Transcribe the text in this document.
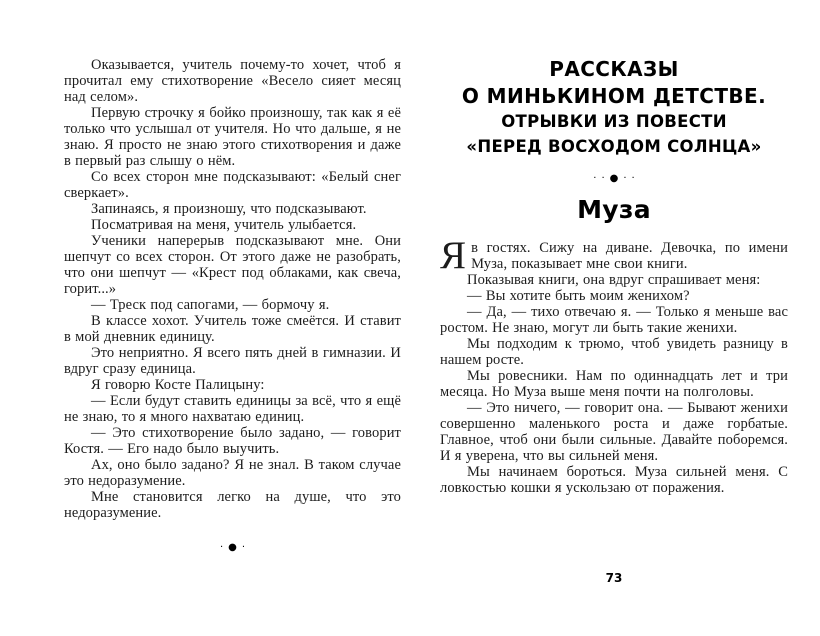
Оказывается, учитель почему-то хочет, чтоб я прочитал ему стихотворение «Весело сияет месяц над селом».

Первую строчку я бойко произношу, так как я её только что услышал от учителя. Но что дальше, я не знаю. Я просто не знаю этого стихотворения и даже в первый раз слышу о нём.

Со всех сторон мне подсказывают: «Белый снег сверкает».

Запинаясь, я произношу, что подсказывают.

Посматривая на меня, учитель улыбается.

Ученики наперерыв подсказывают мне. Они шепчут со всех сторон. От этого даже не разобрать, что они шепчут — «Крест под облаками, как свеча, горит...»

— Треск под сапогами, — бормочу я.

В классе хохот. Учитель тоже смеётся. И ставит в мой дневник единицу.

Это неприятно. Я всего пять дней в гимназии. И вдруг сразу единица.

Я говорю Косте Палицыну:

— Если будут ставить единицы за всё, что я ещё не знаю, то я много нахватаю единиц.

— Это стихотворение было задано, — говорит Костя. — Его надо было выучить.

Ах, оно было задано? Я не знал. В таком случае это недоразумение.

Мне становится легко на душе, что это недоразумение.

·●·
РАССКАЗЫ
О МИНЬКИНОМ ДЕТСТВЕ.
ОТРЫВКИ ИЗ ПОВЕСТИ
«ПЕРЕД ВОСХОДОМ СОЛНЦА»
··●··
Муза

Яв гостях. Сижу на диване. Девочка, по имени Муза, показывает мне свои книги.

Показывая книги, она вдруг спрашивает меня:

— Вы хотите быть моим женихом?

— Да, — тихо отвечаю я. — Только я меньше вас ростом. Не знаю, могут ли быть такие женихи.

Мы подходим к трюмо, чтоб увидеть разницу в нашем росте.

Мы ровесники. Нам по одиннадцать лет и три месяца. Но Муза выше меня почти на полголовы.

— Это ничего, — говорит она. — Бывают женихи совершенно маленького роста и даже горбатые. Главное, чтоб они были сильные. Давайте поборемся. И я уверена, что вы сильней меня.

Мы начинаем бороться. Муза сильней меня. С ловкостью кошки я ускользаю от поражения.

73
